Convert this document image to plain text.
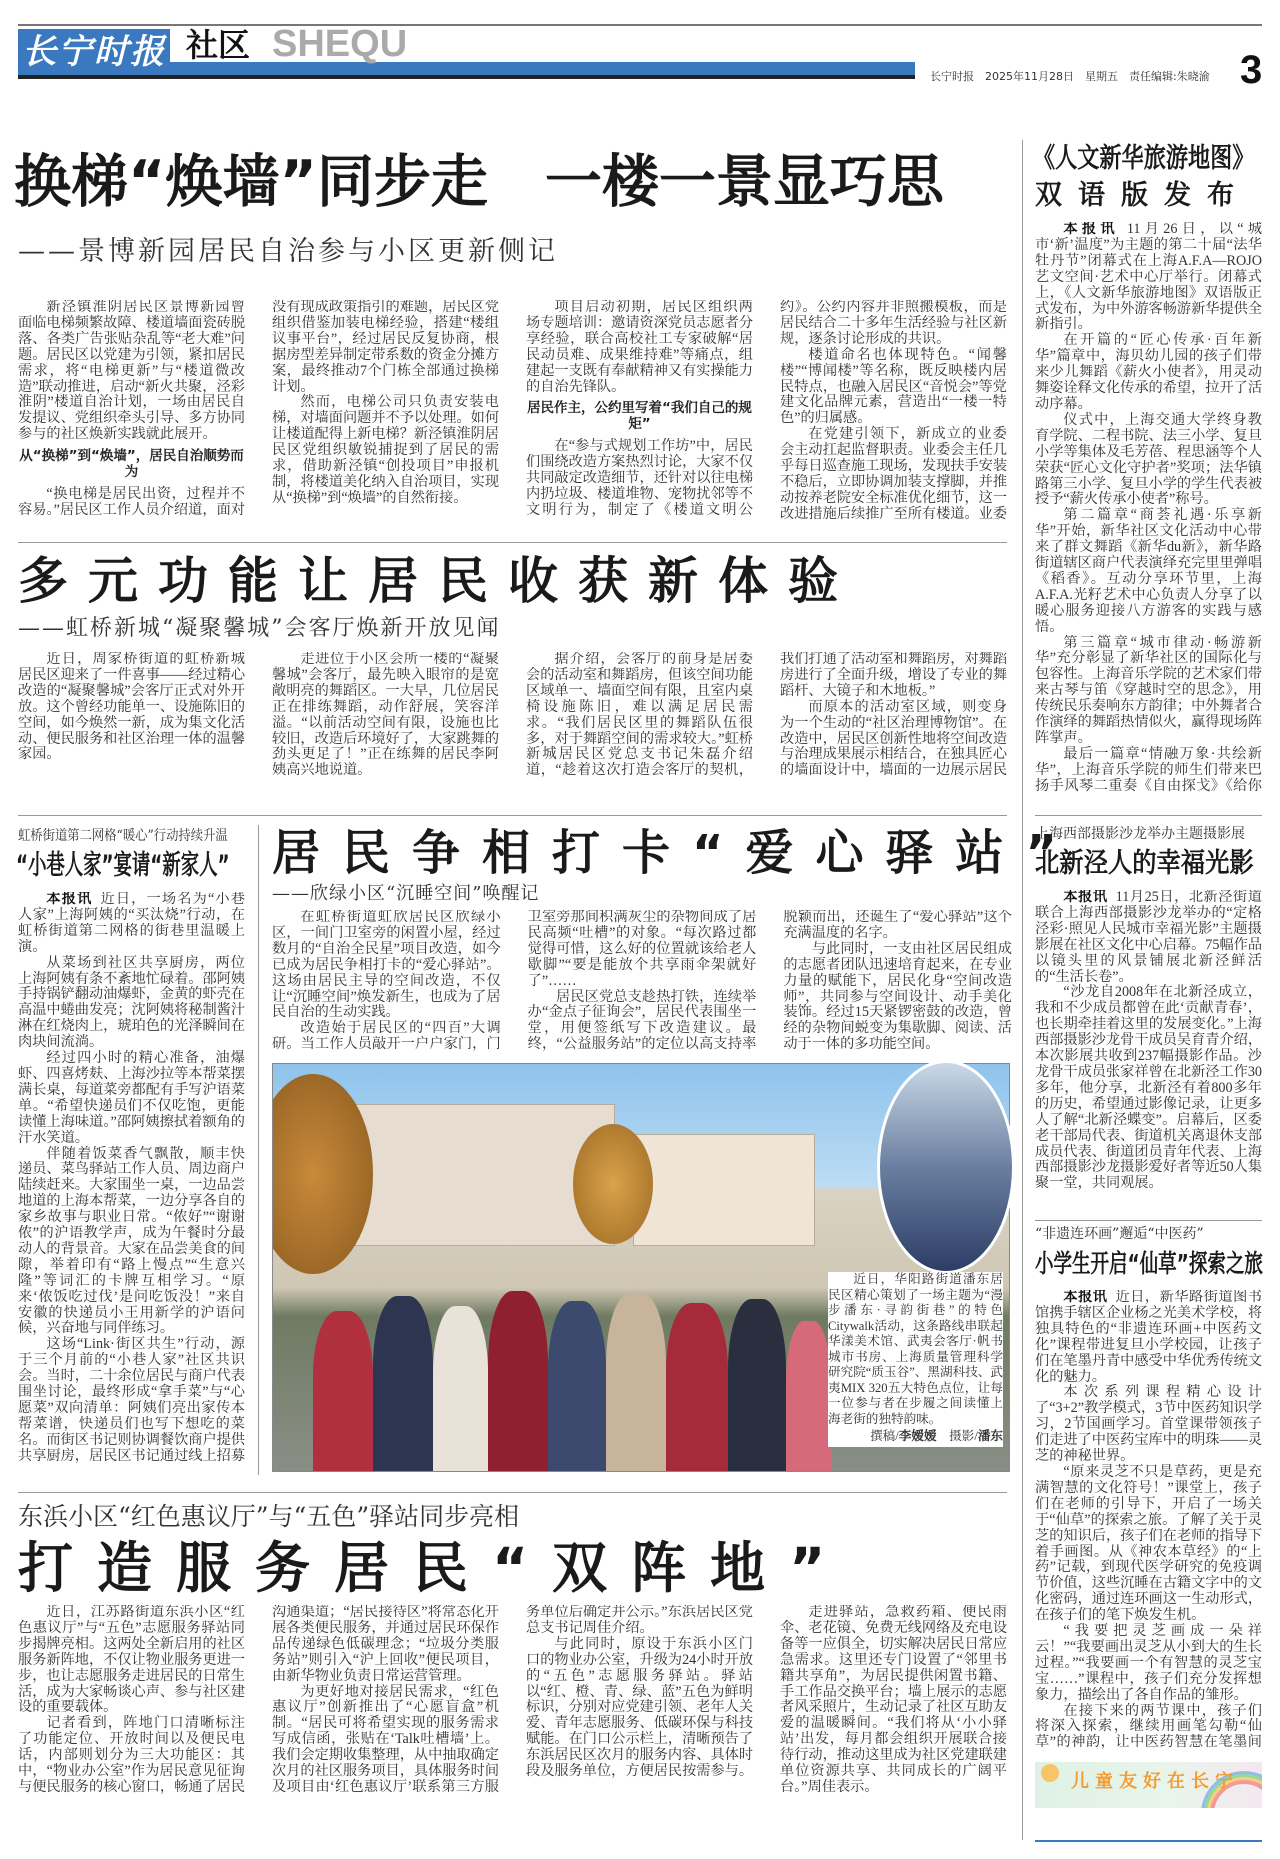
长宁时报 社区 SHEQU
长宁时报　2025年11月28日　星期五　责任编辑:朱晓渝 3
换梯“焕墙”同步走　一楼一景显巧思
——景博新园居民自治参与小区更新侧记

新泾镇淮阴居民区景博新园曾面临电梯频繁故障、楼道墙面瓷砖脱落、各类广告张贴杂乱等“老大难”问题。居民区以党建为引领，紧扣居民需求，将“电梯更新”与“楼道微改造”联动推进，启动“新火共聚，泾彩淮阴”楼道自治计划，一场由居民自发提议、党组织牵头引导、多方协同参与的社区焕新实践就此展开。

从“换梯”到“焕墙”，居民自治顺势而为

“换电梯是居民出资，过程并不容易。”居民区工作人员介绍道，面对没有现成政策指引的难题，居民区党组织借鉴加装电梯经验，搭建“楼组议事平台”，经过居民反复协商，根据房型差异制定带系数的资金分摊方案，最终推动7个门栋全部通过换梯计划。

然而，电梯公司只负责安装电梯，对墙面问题并不予以处理。如何让楼道配得上新电梯？新泾镇淮阴居民区党组织敏锐捕捉到了居民的需求，借助新泾镇“创投项目”申报机制，将楼道美化纳入自治项目，实现从“换梯”到“焕墙”的自然衔接。

项目启动初期，居民区组织两场专题培训：邀请资深党员志愿者分享经验，联合高校社工专家破解“居民动员难、成果维持难”等痛点，组建起一支既有奉献精神又有实操能力的自治先锋队。

居民作主，公约里写着“我们自己的规矩”

在“参与式规划工作坊”中，居民们围绕改造方案热烈讨论，大家不仅共同敲定改造细节，还针对以往电梯内扔垃圾、楼道堆物、宠物扰邻等不文明行为，制定了《楼道文明公约》。公约内容并非照搬模板，而是居民结合二十多年生活经验与社区新规，逐条讨论形成的共识。

楼道命名也体现特色。“闻馨楼”“博闻楼”等名称，既反映楼内居民特点，也融入居民区“音悦会”等党建文化品牌元素，营造出“一楼一特色”的归属感。

在党建引领下，新成立的业委会主动扛起监督职责。业委会主任几乎每日巡查施工现场，发现扶手安装不稳后，立即协调加装支撑脚，并推动按养老院安全标准优化细节，这一改进措施后续推广至所有楼道。业委

多元功能让居民收获新体验
——虹桥新城“凝聚馨城”会客厅焕新开放见闻

近日，周家桥街道的虹桥新城居民区迎来了一件喜事——经过精心改造的“凝聚馨城”会客厅正式对外开放。这个曾经功能单一、设施陈旧的空间，如今焕然一新，成为集文化活动、便民服务和社区治理一体的温馨家园。

走进位于小区会所一楼的“凝聚馨城”会客厅，最先映入眼帘的是宽敞明亮的舞蹈区。一大早，几位居民正在排练舞蹈，动作舒展，笑容洋溢。“以前活动空间有限，设施也比较旧，改造后环境好了，大家跳舞的劲头更足了！”正在练舞的居民李阿姨高兴地说道。

据介绍，会客厅的前身是居委会的活动室和舞蹈房，但该空间功能区域单一、墙面空间有限，且室内桌椅设施陈旧，难以满足居民需求。“我们居民区里的舞蹈队伍很多，对于舞蹈空间的需求较大。”虹桥新城居民区党总支书记朱磊介绍道，“趁着这次打造会客厅的契机，我们打通了活动室和舞蹈房，对舞蹈房进行了全面升级，增设了专业的舞蹈杆、大镜子和木地板。”

而原本的活动室区域，则变身为一个生动的“社区治理博物馆”。在改造中，居民区创新性地将空间改造与治理成果展示相结合，在独具匠心的墙面设计中，墙面的一边展示居民

虹桥街道第二网格“暖心”行动持续升温
“小巷人家”宴请“新家人”

本报讯 近日，一场名为“小巷人家”上海阿姨的“买汰烧”行动，在虹桥街道第二网格的街巷里温暖上演。

从菜场到社区共享厨房，两位上海阿姨有条不紊地忙碌着。邵阿姨手持锅铲翻动油爆虾，金黄的虾壳在高温中蜷曲发亮；沈阿姨将秘制酱汁淋在红烧肉上，琥珀色的光泽瞬间在肉块间流淌。

经过四小时的精心准备，油爆虾、四喜烤麸、上海沙拉等本帮菜摆满长桌，每道菜旁都配有手写沪语菜单。“希望快递员们不仅吃饱，更能读懂上海味道。”邵阿姨擦拭着额角的汗水笑道。

伴随着饭菜香气飘散，顺丰快递员、菜鸟驿站工作人员、周边商户陆续赶来。大家围坐一桌，一边品尝地道的上海本帮菜，一边分享各自的家乡故事与职业日常。“侬好”“谢谢侬”的沪语教学声，成为午餐时分最动人的背景音。大家在品尝美食的间隙，举着印有“路上慢点”“生意兴隆”等词汇的卡牌互相学习。“原来‘侬饭吃过伐’是问吃饭没！”来自安徽的快递员小王用新学的沪语问候，兴奋地与同伴练习。

这场“Link·街区共生”行动，源于三个月前的“小巷人家”社区共识会。当时，二十余位居民与商户代表围坐讨论，最终形成“拿手菜”与“心愿菜”双向清单：阿姨们亮出家传本帮菜谱，快递员们也写下想吃的菜名。而街区书记则协调餐饮商户提供共享厨房，居民区书记通过线上招募

居民争相打卡“爱心驿站”
——欣绿小区“沉睡空间”唤醒记

在虹桥街道虹欣居民区欣绿小区，一间门卫室旁的闲置小屋，经过数月的“自治全民星”项目改造，如今已成为居民争相打卡的“爱心驿站”。这场由居民主导的空间改造，不仅让“沉睡空间”焕发新生，也成为了居民自治的生动实践。

改造始于居民区的“四百”大调研。当工作人员敲开一户户家门，门卫室旁那间积满灰尘的杂物间成了居民高频“吐槽”的对象。“每次路过都觉得可惜，这么好的位置就该给老人歇脚”“要是能放个共享雨伞架就好了”……

居民区党总支趁热打铁，连续举办“金点子征询会”，居民代表围坐一堂，用便签纸写下改造建议。最终，“公益服务站”的定位以高支持率脱颖而出，还诞生了“爱心驿站”这个充满温度的名字。

与此同时，一支由社区居民组成的志愿者团队迅速培育起来，在专业力量的赋能下，居民化身“空间改造师”，共同参与空间设计、动手美化装饰。经过15天紧锣密鼓的改造，曾经的杂物间蜕变为集歇脚、阅读、活动于一体的多功能空间。

近日，华阳路街道潘东居民区精心策划了一场主题为“漫步潘东·寻韵街巷”的特色Citywalk活动，这条路线串联起华漾美术馆、武夷会客厅·帆书城市书房、上海质量管理科学研究院“质玉谷”、黑湖科技、武夷MIX 320五大特色点位，让每一位参与者在步履之间读懂上海老街的独特韵味。

撰稿/李嫒嫒　 摄影/潘东

东浜小区“红色惠议厅”与“五色”驿站同步亮相
打造服务居民“双阵地”

近日，江苏路街道东浜小区“红色惠议厅”与“五色”志愿服务驿站同步揭牌亮相。这两处全新启用的社区服务新阵地，不仅让物业服务更进一步，也让志愿服务走进居民的日常生活，成为大家畅谈心声、参与社区建设的重要载体。

记者看到，阵地门口清晰标注了功能定位、开放时间以及便民电话，内部则划分为三大功能区：其中，“物业办公室”作为居民意见征询与便民服务的核心窗口，畅通了居民沟通渠道；“居民接待区”将常态化开展各类便民服务，并通过居民环保作品传递绿色低碳理念；“垃圾分类服务站”则引入“沪上回收”便民项目，由新华物业负责日常运营管理。

为更好地对接居民需求，“红色惠议厅”创新推出了“心愿盲盒”机制。“居民可将希望实现的服务需求写成信函，张贴在‘Talk吐槽墙’上。我们会定期收集整理，从中抽取确定次月的社区服务项目，具体服务时间及项目由‘红色惠议厅’联系第三方服务单位后确定并公示。”东浜居民区党总支书记周佳介绍。

与此同时，原设于东浜小区门口的物业办公室，升级为24小时开放的“五色”志愿服务驿站。驿站以“红、橙、青、绿、蓝”五色为鲜明标识，分别对应党建引领、老年人关爱、青年志愿服务、低碳环保与科技赋能。在门口公示栏上，清晰预告了东浜居民区次月的服务内容、具体时段及服务单位，方便居民按需参与。

走进驿站，急救药箱、便民雨伞、老花镜、免费无线网络及充电设备等一应俱全，切实解决居民日常应急需求。这里还专门设置了“邻里书籍共享角”，为居民提供闲置书籍、手工作品交换平台；墙上展示的志愿者风采照片，生动记录了社区互助友爱的温暖瞬间。“我们将从‘小小驿站’出发，每月都会组织开展联合接待行动，推动这里成为社区党建联建单位资源共享、共同成长的广阔平台。”周佳表示。

《人文新华旅游地图》
双语版发布

本报讯 11月26日，以“城市‘新’温度”为主题的第二十届“法华牡丹节”闭幕式在上海A.F.A—ROJO艺文空间·艺术中心厅举行。闭幕式上，《人文新华旅游地图》双语版正式发布，为中外游客畅游新华提供全新指引。

在开篇的“匠心传承·百年新华”篇章中，海贝幼儿园的孩子们带来少儿舞蹈《薪火小使者》，用灵动舞姿诠释文化传承的希望，拉开了活动序幕。

仪式中，上海交通大学终身教育学院、二程书院、法三小学、复旦小学等集体及毛芳蓓、程思涵等个人荣获“匠心文化守护者”奖项；法华镇路第三小学、复旦小学的学生代表被授予“薪火传承小使者”称号。

第二篇章“商荟礼遇·乐享新华”开始，新华社区文化活动中心带来了群文舞蹈《新华du新》，新华路街道辖区商户代表演绎充完里里弹唱《稻香》。互动分享环节里，上海A.F.A.光籽艺术中心负责人分享了以暖心服务迎接八方游客的实践与感悟。

第三篇章“城市律动·畅游新华”充分彰显了新华社区的国际化与包容性。上海音乐学院的艺术家们带来古琴与笛《穿越时空的思念》，用传统民乐奏响东方韵律；中外舞者合作演绎的舞蹈热情似火，赢得现场阵阵掌声。

最后一篇章“情融万象·共绘新华”，上海音乐学院的师生们带来巴扬手风琴二重奏《自由探戈》《给你

上海西部摄影沙龙举办主题摄影展
北新泾人的幸福光影

本报讯 11月25日，北新泾街道联合上海西部摄影沙龙举办的“定格泾彩·照见人民城市幸福光影”主题摄影展在社区文化中心启幕。75幅作品以镜头里的风景铺展北新泾鲜活的“生活长卷”。

“沙龙自2008年在北新泾成立，我和不少成员都曾在此‘贡献青春’，也长期牵挂着这里的发展变化。”上海西部摄影沙龙骨干成员吴育青介绍，本次影展共收到237幅摄影作品。沙龙骨干成员张家祥曾在北新泾工作30多年，他分享，北新泾有着800多年的历史，希望通过影像记录，让更多人了解“北新泾蝶变”。启幕后，区委老干部局代表、街道机关离退休支部成员代表、街道团员青年代表、上海西部摄影沙龙摄影爱好者等近50人集聚一堂，共同观展。

“非遗连环画”邂逅“中医药”
小学生开启“仙草”探索之旅

本报讯 近日，新华路街道图书馆携手辖区企业杨之光美术学校，将独具特色的“非遗连环画+中医药文化”课程带进复旦小学校园，让孩子们在笔墨丹青中感受中华优秀传统文化的魅力。

本次系列课程精心设计了“3+2”教学模式，3节中医药知识学习，2节国画学习。首堂课带领孩子们走进了中医药宝库中的明珠——灵芝的神秘世界。

“原来灵芝不只是草药，更是充满智慧的文化符号！”课堂上，孩子们在老师的引导下，开启了一场关于“仙草”的探索之旅。了解了关于灵芝的知识后，孩子们在老师的指导下着手画图。从《神农本草经》的“上药”记载，到现代医学研究的免疫调节价值，这些沉睡在古籍文字中的文化密码，通过连环画这一生动形式，在孩子们的笔下焕发生机。

“我要把灵芝画成一朵祥云！”“我要画出灵芝从小到大的生长过程。”“我要画一个有智慧的灵芝宝宝……”课程中，孩子们充分发挥想象力，描绘出了各自作品的雏形。

在接下来的两节课中，孩子们将深入探索，继续用画笔勾勒“仙草”的神韵，让中医药智慧在笔墨间

儿童友好在长宁
